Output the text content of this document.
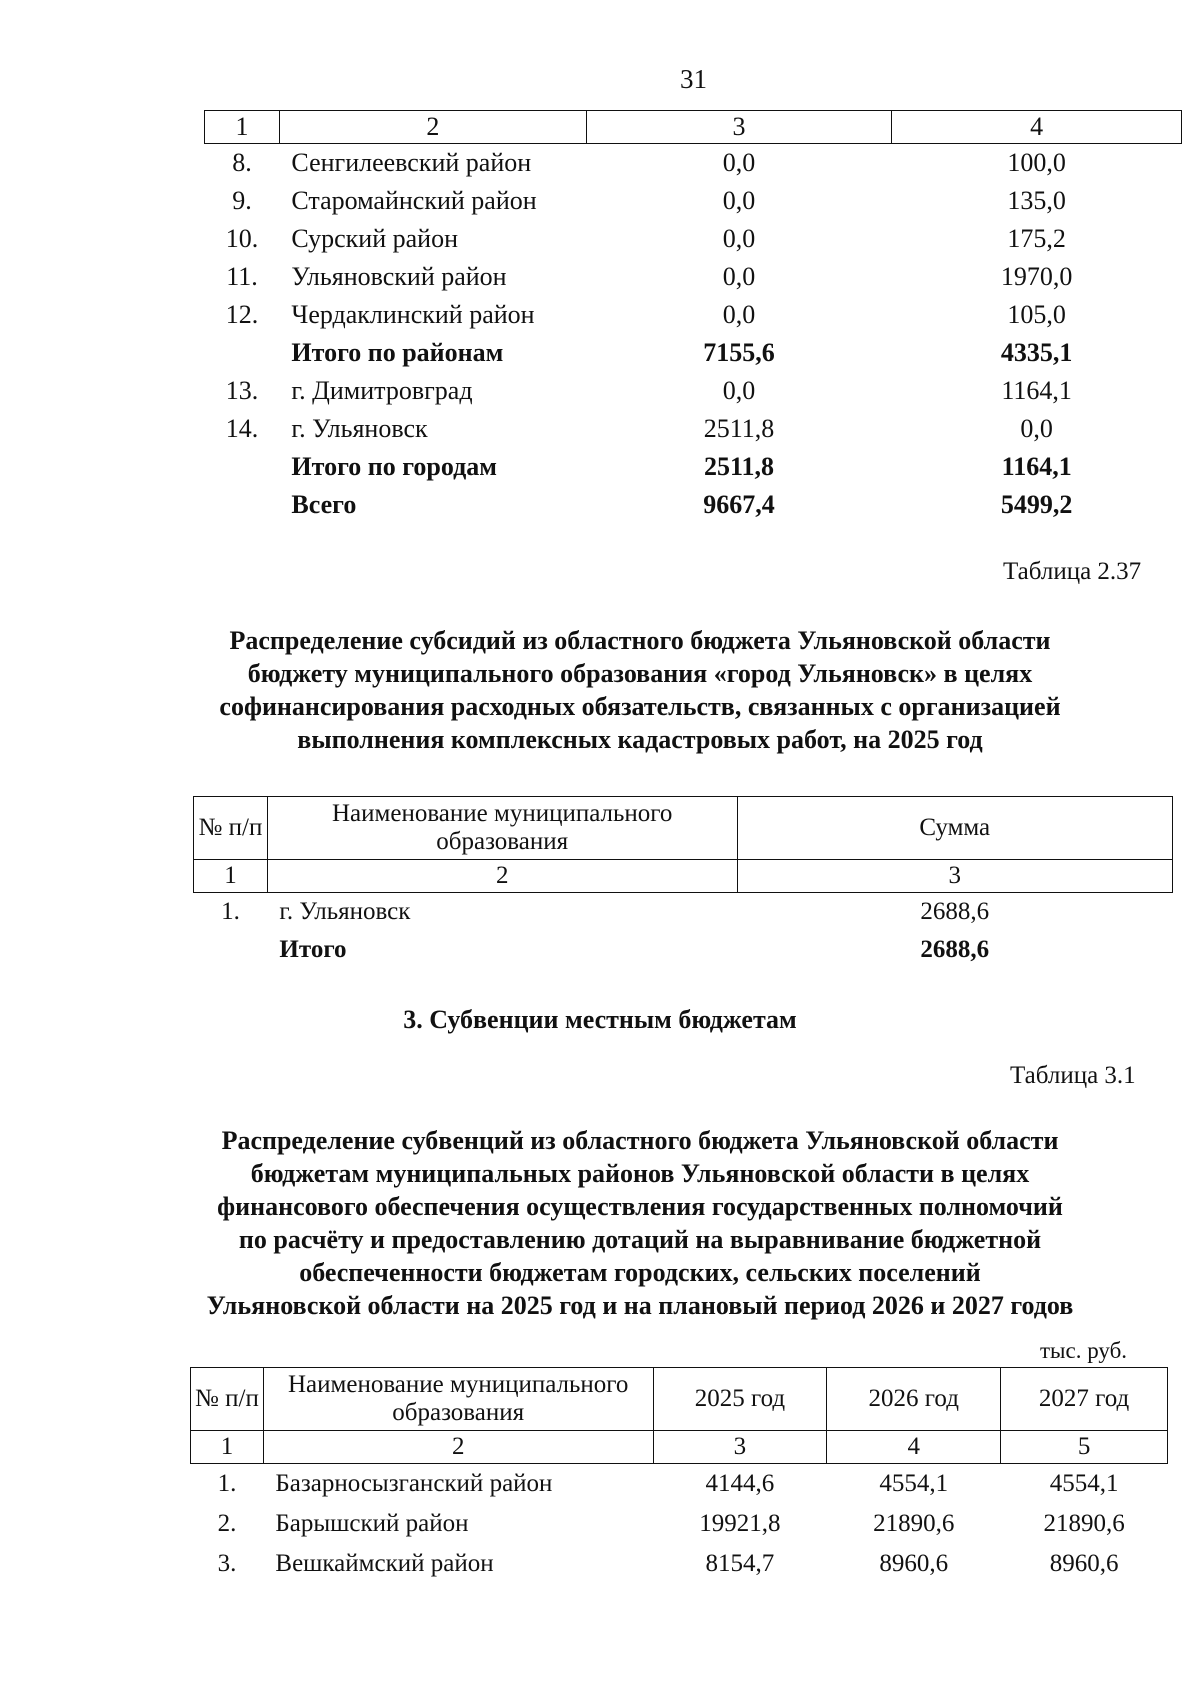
31
1	2	3	4
8.	Сенгилеевский район	0,0	100,0
9.	Старомайнский район	0,0	135,0
10.	Сурский район	0,0	175,2
11.	Ульяновский район	0,0	1970,0
12.	Чердаклинский район	0,0	105,0
	Итого по районам	7155,6	4335,1
13.	г. Димитровград	0,0	1164,1
14.	г. Ульяновск	2511,8	0,0
	Итого по городам	2511,8	1164,1
	Всего	9667,4	5499,2
Таблица 2.37
Распределение субсидий из областного бюджета Ульяновской области
бюджету муниципального образования «город Ульяновск» в целях
софинансирования расходных обязательств, связанных с организацией
выполнения комплексных кадастровых работ, на 2025 год
№ п/п	Наименование муниципального образования	Сумма
1	2	3
1.	г. Ульяновск	2688,6
	Итого	2688,6
3. Субвенции местным бюджетам
Таблица 3.1
Распределение субвенций из областного бюджета Ульяновской области
бюджетам муниципальных районов Ульяновской области в целях
финансового обеспечения осуществления государственных полномочий
по расчёту и предоставлению дотаций на выравнивание бюджетной
обеспеченности бюджетам городских, сельских поселений
Ульяновской области на 2025 год и на плановый период 2026 и 2027 годов
тыс. руб.
№ п/п	Наименование муниципального образования	2025 год	2026 год	2027 год
1	2	3	4	5
1.	Базарносызганский район	4144,6	4554,1	4554,1
2.	Барышский район	19921,8	21890,6	21890,6
3.	Вешкаймский район	8154,7	8960,6	8960,6
